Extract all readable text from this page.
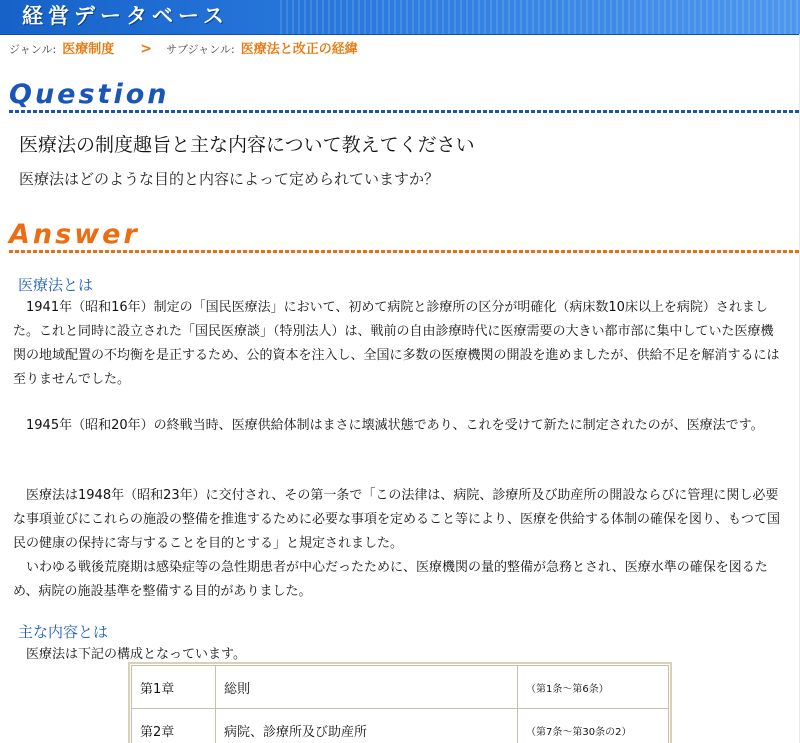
経営データベース
ジャンル: 医療制度 > サブジャンル: 医療法と改正の経緯
Question
医療法の制度趣旨と主な内容について教えてください
医療法はどのような目的と内容によって定められていますか？
Answer
医療法とは

　1941年（昭和16年）制定の「国民医療法」において、初めて病院と診療所の区分が明確化（病床数10床以上を病院）されました。これと同時に設立された「国民医療談」（特別法人）は、戦前の自由診療時代に医療需要の大きい都市部に集中していた医療機関の地域配置の不均衡を是正するため、公的資本を注入し、全国に多数の医療機関の開設を進めましたが、供給不足を解消するには至りませんでした。

　1945年（昭和20年）の終戦当時、医療供給体制はまさに壊滅状態であり、これを受けて新たに制定されたのが、医療法です。

　医療法は1948年（昭和23年）に交付され、その第一条で「この法律は、病院、診療所及び助産所の開設ならびに管理に関し必要な事項並びにこれらの施設の整備を推進するために必要な事項を定めること等により、医療を供給する体制の確保を図り、もつて国民の健康の保持に寄与することを目的とする」と規定されました。
　いわゆる戦後荒廃期は感染症等の急性期患者が中心だったために、医療機関の量的整備が急務とされ、医療水準の確保を図るため、病院の施設基準を整備する目的がありました。

主な内容とは

　医療法は下記の構成となっています。

第1章	総則	（第1条～第6条）
第2章	病院、診療所及び助産所	（第7条～第30条の2）
